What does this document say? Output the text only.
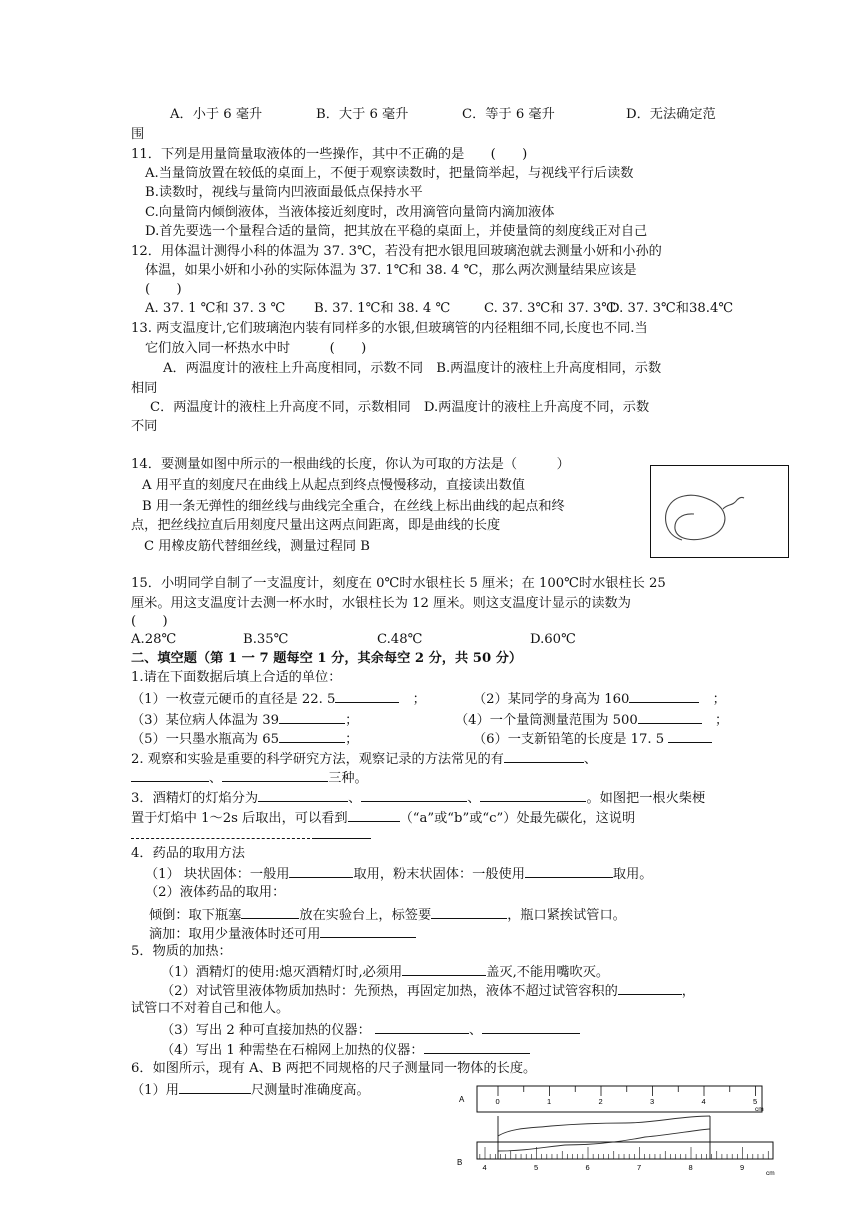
A．小于 6 毫升	B．大于 6 毫升	C．等于 6 毫升	D．无法确定范
围
11．下列是用量筒量取液体的一些操作，其中不正确的是　　(　　)
A.当量筒放置在较低的桌面上，不便于观察读数时，把量筒举起，与视线平行后读数
B.读数时，视线与量筒内凹液面最低点保持水平
C.向量筒内倾倒液体，当液体接近刻度时，改用滴管向量筒内滴加液体
D.首先要选一个量程合适的量筒，把其放在平稳的桌面上，并使量筒的刻度线正对自己
12．用体温计测得小科的体温为 37. 3℃，若没有把水银甩回玻璃泡就去测量小妍和小孙的
体温，如果小妍和小孙的实际体温为 37. 1℃和 38. 4 ℃，那么两次测量结果应该是
(　　)
A. 37. 1 ℃和 37. 3 ℃ B. 37. 1℃和 38. 4 ℃	C. 37. 3℃和 37. 3℃
D. 37. 3℃和38.4℃
13. 两支温度计,它们玻璃泡内装有同样多的水银,但玻璃管的内径粗细不同,长度也不同.当
它们放入同一杯热水中时　　　(　　)
A．两温度计的液柱上升高度相同，示数不同　B.两温度计的液柱上升高度相同，示数
相同
C．两温度计的液柱上升高度不同，示数相同　D.两温度计的液柱上升高度不同，示数
不同
14．要测量如图中所示的一根曲线的长度，你认为可取的方法是（　　　）
A 用平直的刻度尺在曲线上从起点到终点慢慢移动，直接读出数值
B 用一条无弹性的细丝线与曲线完全重合，在丝线上标出曲线的起点和终
点，把丝线拉直后用刻度尺量出这两点间距离，即是曲线的长度
C 用橡皮筋代替细丝线，测量过程同 B
15．小明同学自制了一支温度计，刻度在 0℃时水银柱长 5 厘米；在 100℃时水银柱长 25
厘米。用这支温度计去测一杯水时，水银柱长为 12 厘米。则这支温度计显示的读数为
(　　)
A.28℃	B.35℃	C.48℃	D.60℃
二、填空题（第 1 一 7 题每空 1 分，其余每空 2 分，共 50 分）
1.请在下面数据后填上合适的单位：
（1）一枚壹元硬币的直径是 22. 5　	；	（2）某同学的身高为 160　	；
（3）某位病人体温为 39	；	（4）一个量筒测量范围为 500　	；
（5）一只墨水瓶高为 65	；	（6）一支新铅笔的长度是 17. 5
2. 观察和实验是重要的科学研究方法，观察记录的方法常见的有	、
、	三种。
3．酒精灯的灯焰分为	、	、	。如图把一根火柴梗
置于灯焰中 1～2s 后取出，可以看到	（“a”或“b”或“c”）处最先碳化，这说明
4．药品的取用方法
（1） 块状固体：一般用	取用，粉末状固体：一般使用	取用。
（2）液体药品的取用：
倾倒：取下瓶塞	放在实验台上，标签要	，瓶口紧挨试管口。
滴加：取用少量液体时还可用
5．物质的加热：
（1）酒精灯的使用:熄灭酒精灯时,必须用	盖灭,不能用嘴吹灭。
（2）对试管里液体物质加热时：先预热，再固定加热，液体不超过试管容积的	，
试管口不对着自己和他人。
（3）写出 2 种可直接加热的仪器：	、
（4）写出 1 种需垫在石棉网上加热的仪器：
6．如图所示，现有 A、B 两把不同规格的尺子测量同一物体的长度。
（1）用	尺测量时准确度高。
A
cm
0	1	2	3	4	5
B
cm
4	5	6	7	8	9
